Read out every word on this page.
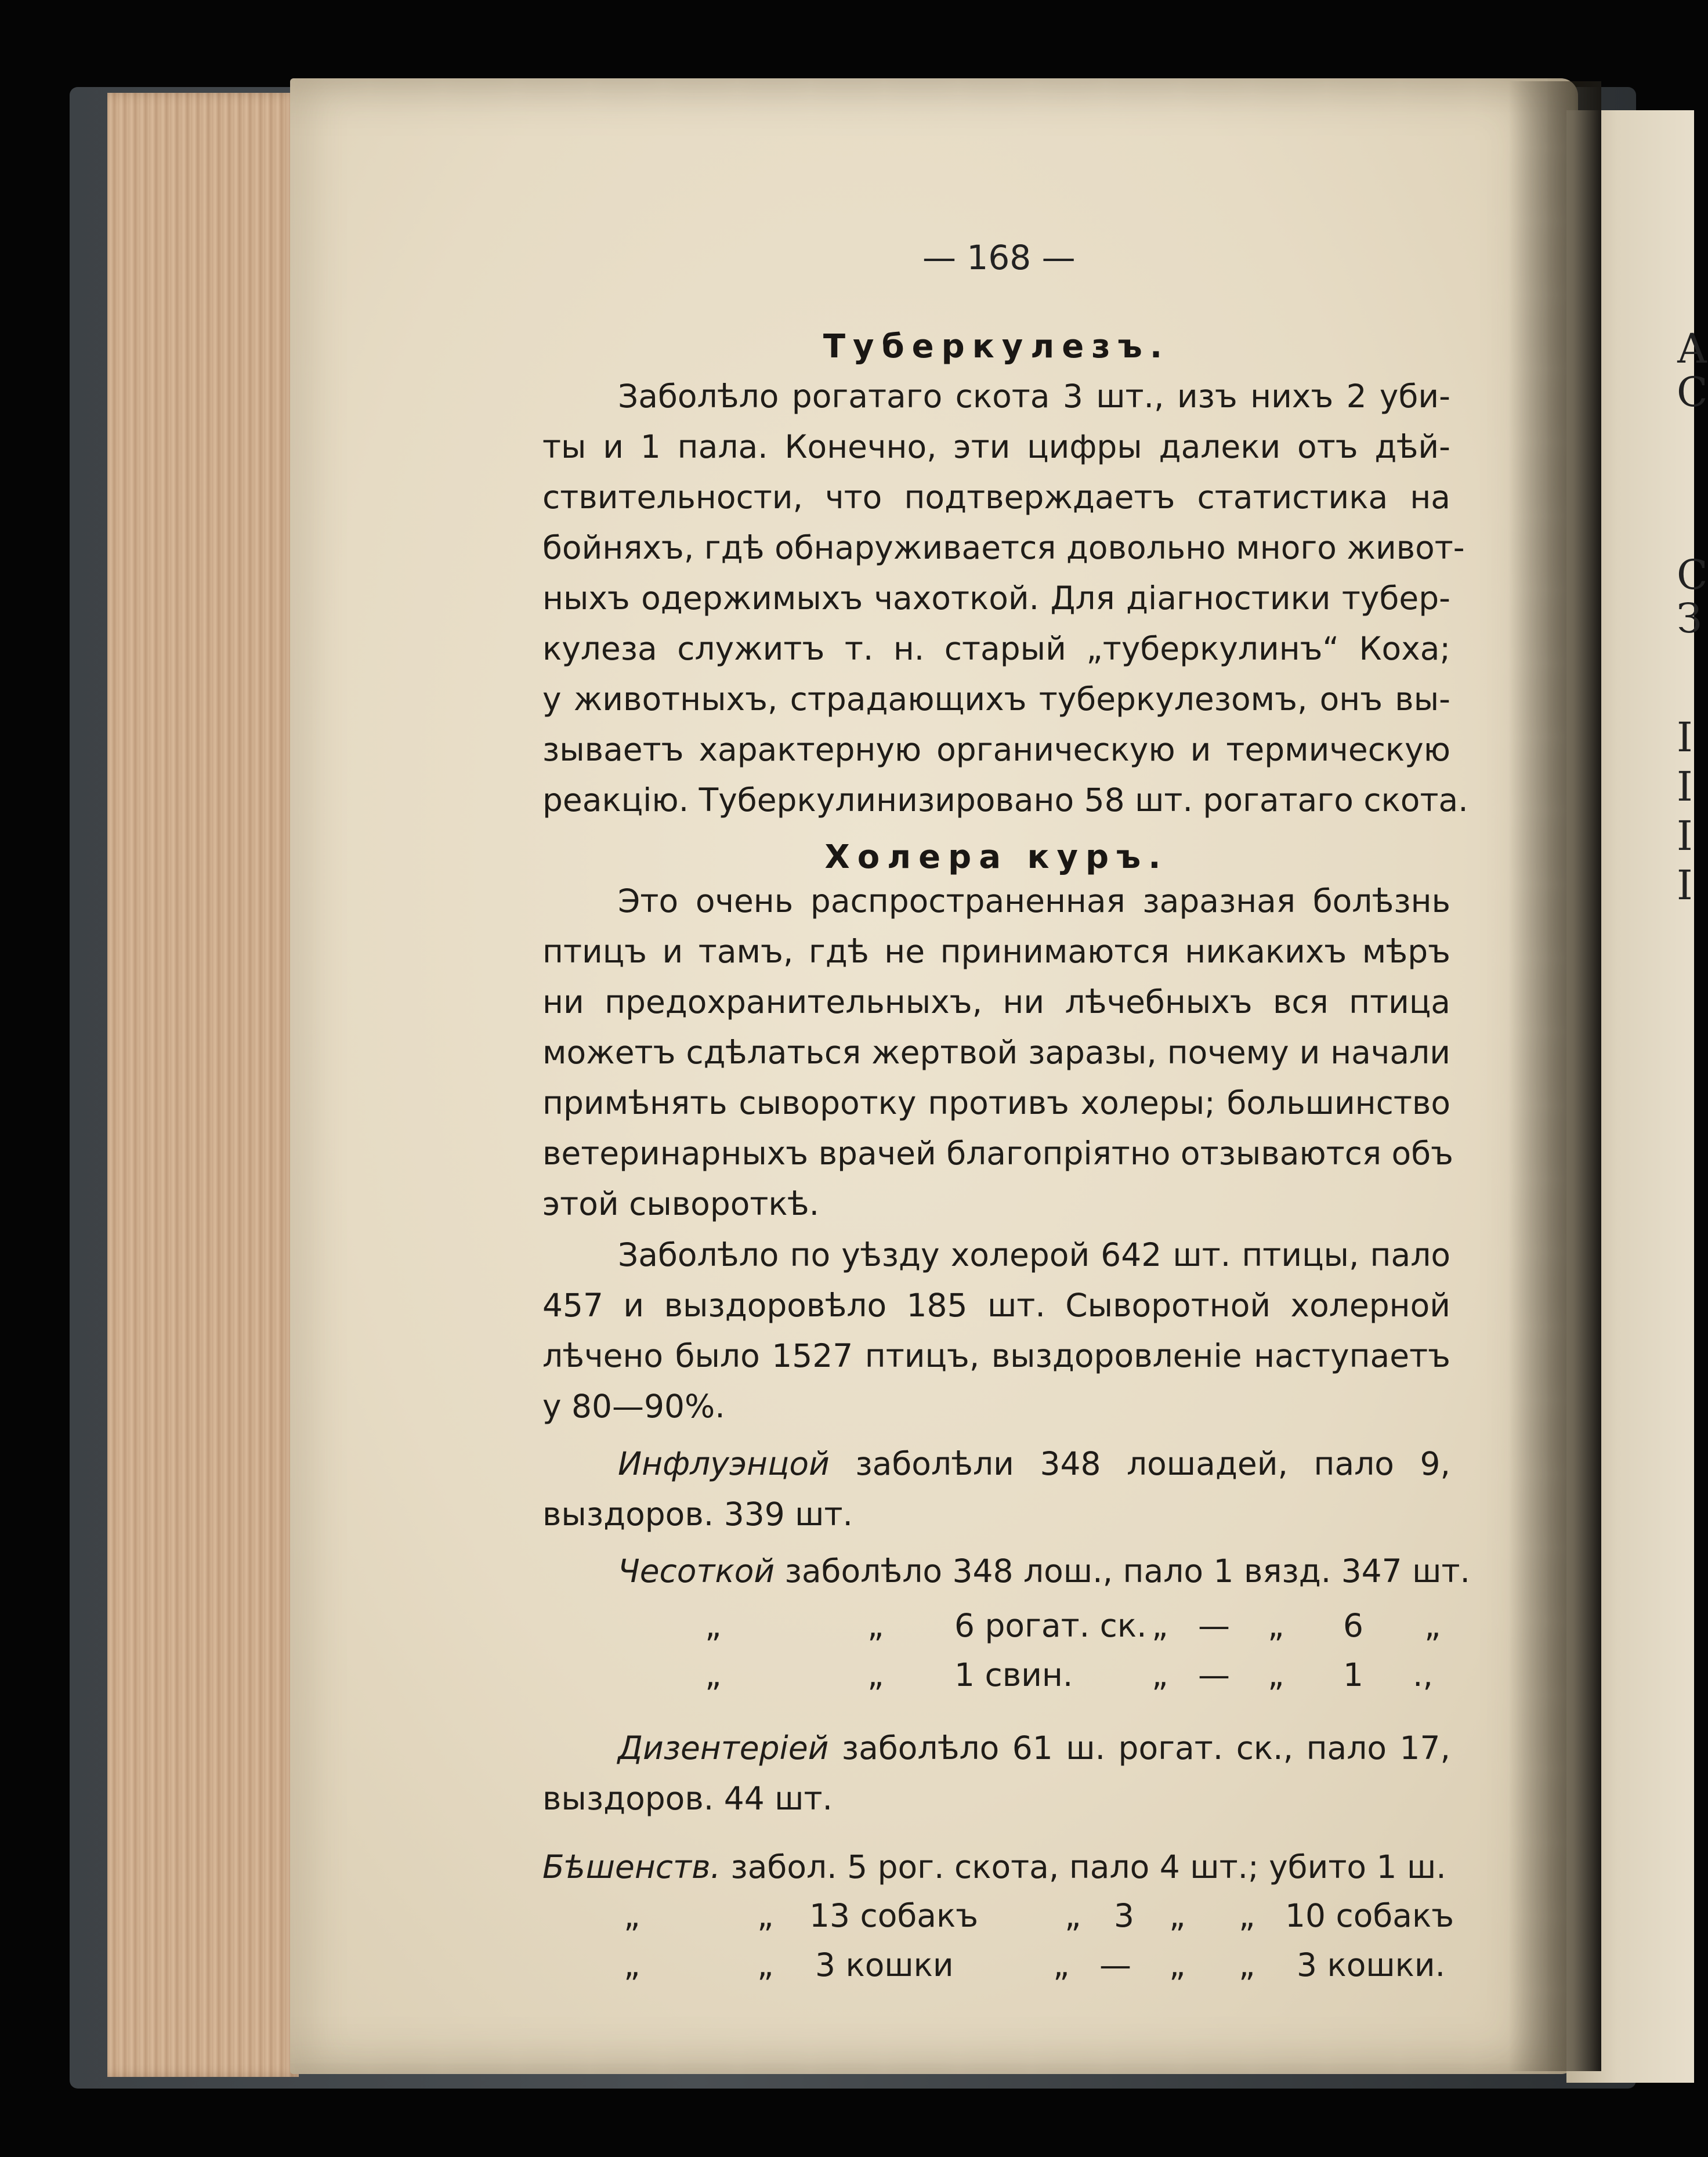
А
С
С
З
I
I
I
I
— 168 —
Туберкулезъ.
Заболѣло рогатаго скота 3 шт., изъ нихъ 2 уби-
ты и 1 пала. Конечно, эти цифры далеки отъ дѣй-
ствительности, что подтверждаетъ статистика на
бойняхъ, гдѣ обнаруживается довольно много живот-
ныхъ одержимыхъ чахоткой. Для діагностики тубер-
кулеза служитъ т. н. старый „туберкулинъ“ Коха;
у животныхъ, страдающихъ туберкулезомъ, онъ вы-
зываетъ характерную органическую и термическую
реакцію. Туберкулинизировано 58 шт. рогатаго скота.
Холера куръ.
Это очень распространенная заразная болѣзнь
птицъ и тамъ, гдѣ не принимаются никакихъ мѣръ
ни предохранительныхъ, ни лѣчебныхъ вся птица
можетъ сдѣлаться жертвой заразы, почему и начали
примѣнять сыворотку противъ холеры; большинство
ветеринарныхъ врачей благопріятно отзываются объ
этой сывороткѣ.
Заболѣло по уѣзду холерой 642 шт. птицы, пало
457 и выздоровѣло 185 шт. Сыворотной холерной
лѣчено было 1527 птицъ, выздоровленіе наступаетъ
у 80—90%.
Инфлуэнцой заболѣли 348 лошадей, пало 9,
выздоров. 339 шт.
Чесоткой заболѣло 348 лош., пало 1 вязд. 347 шт.
„	„ 6 рогат. ск. „ — „ 6 „
„	„ 1 свин. „ — „ 1 .,
Дизентеріей заболѣло 61 ш. рогат. ск., пало 17,
выздоров. 44 шт.
Бѣшенств. забол. 5 рог. скота, пало 4 шт.; убито 1 ш.
„	„ 13 собакъ	„ 3 „ „ 10 собакъ
„	„ 3 кошки	„ — „ „ 3 кошки.
